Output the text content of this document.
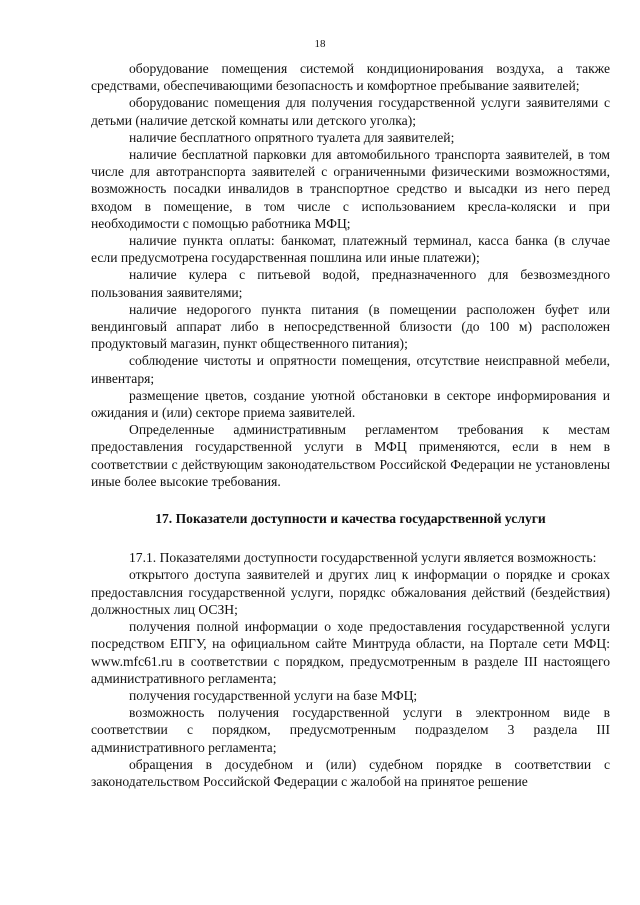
18

оборудование помещения системой кондиционирования воздуха, а также средствами, обеспечивающими безопасность и комфортное пребывание заявителей;

оборудованис помещения для получения государственной услуги заявителями с детьми (наличие детской комнаты или детского уголка);

наличие бесплатного опрятного туалета для заявителей;

наличие бесплатной парковки для автомобильного транспорта заявителей, в том числе для автотранспорта заявителей с ограниченными физическими возможностями, возможность посадки инвалидов в транспортное средство и высадки из него перед входом в помещение, в том числе с использованием кресла-коляски и при необходимости с помощью работника МФЦ;

наличие пункта оплаты: банкомат, платежный терминал, касса банка (в случае если предусмотрена государственная пошлина или иные платежи);

наличие кулера с питьевой водой, предназначенного для безвозмездного пользования заявителями;

наличие недорогого пункта питания (в помещении расположен буфет или вендинговый аппарат либо в непосредственной близости (до 100 м) расположен продуктовый магазин, пункт общественного питания);

соблюдение чистоты и опрятности помещения, отсутствие неисправной мебели, инвентаря;

размещение цветов, создание уютной обстановки в секторе информирования и ожидания и (или) секторе приема заявителей.

Определенные административным регламентом требования к местам предоставления государственной услуги в МФЦ применяются, если в нем в соответствии с действующим законодательством Российской Федерации не установлены иные более высокие требования.

17. Показатели доступности и качества государственной услуги

17.1. Показателями доступности государственной услуги является возможность:

открытого доступа заявителей и других лиц к информации о порядке и сроках предоставлсния государственной услуги, порядкс обжалования действий (бездействия) должностных лиц ОСЗН;

получения полной информации о ходе предоставления государственной услуги посредством ЕПГУ, на официальном сайте Минтруда области, на Портале сети МФЦ: www.mfc61.ru в соответствии с порядком, предусмотренным в разделе III настоящего административного регламента;

получения государственной услуги на базе МФЦ;

возможность получения государственной услуги в электронном виде в соответствии с порядком, предусмотренным подразделом 3 раздела III административного регламента;

обращения в досудебном и (или) судебном порядке в соответствии с законодательством Российской Федерации с жалобой на принятое решение
